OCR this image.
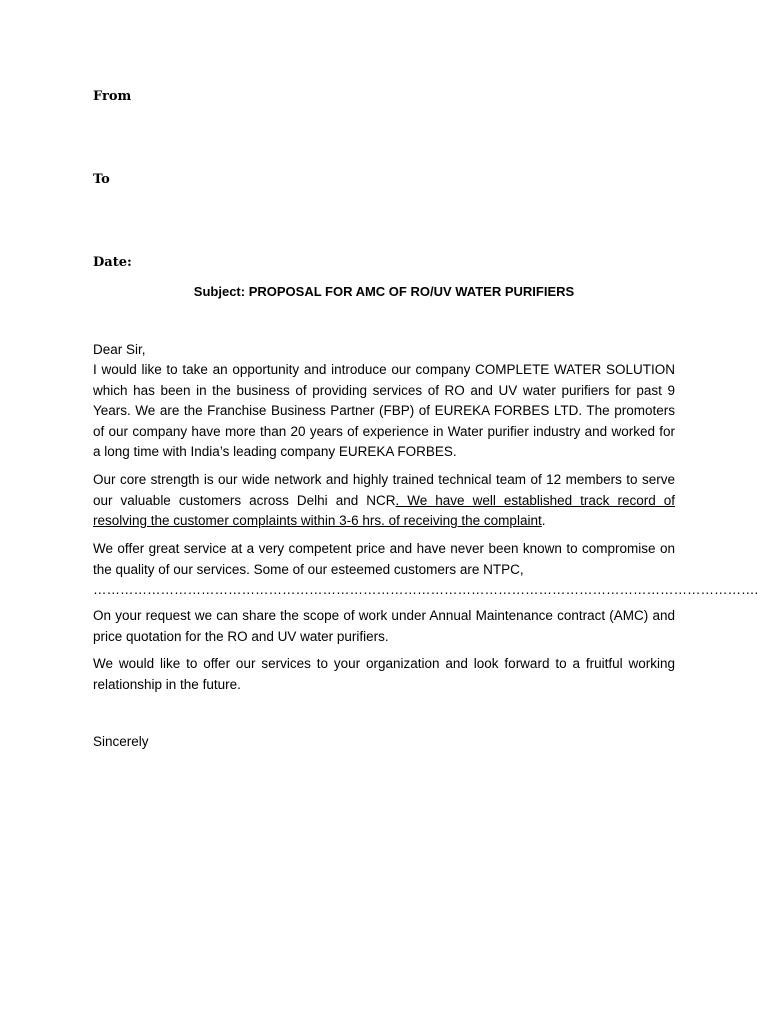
From
To
Date:
Subject: PROPOSAL FOR AMC OF RO/UV WATER PURIFIERS
Dear Sir,
I would like to take an opportunity and introduce our company COMPLETE WATER SOLUTION which has been in the business of providing services of RO and UV water purifiers for past 9 Years. We are the Franchise Business Partner (FBP) of EUREKA FORBES LTD. The promoters of our company have more than 20 years of experience in Water purifier industry and worked for a long time with India’s leading company EUREKA FORBES.
Our core strength is our wide network and highly trained technical team of 12 members to serve our valuable customers across Delhi and NCR. We have well established track record of resolving the customer complaints within 3-6 hrs. of receiving the complaint.
We offer great service at a very competent price and have never been known to compromise on the quality of our services. Some of our esteemed customers are NTPC,
………………………………………………………………………………………………………………………………….
On your request we can share the scope of work under Annual Maintenance contract (AMC) and price quotation for the RO and UV water purifiers.
We would like to offer our services to your organization and look forward to a fruitful working relationship in the future.
Sincerely
